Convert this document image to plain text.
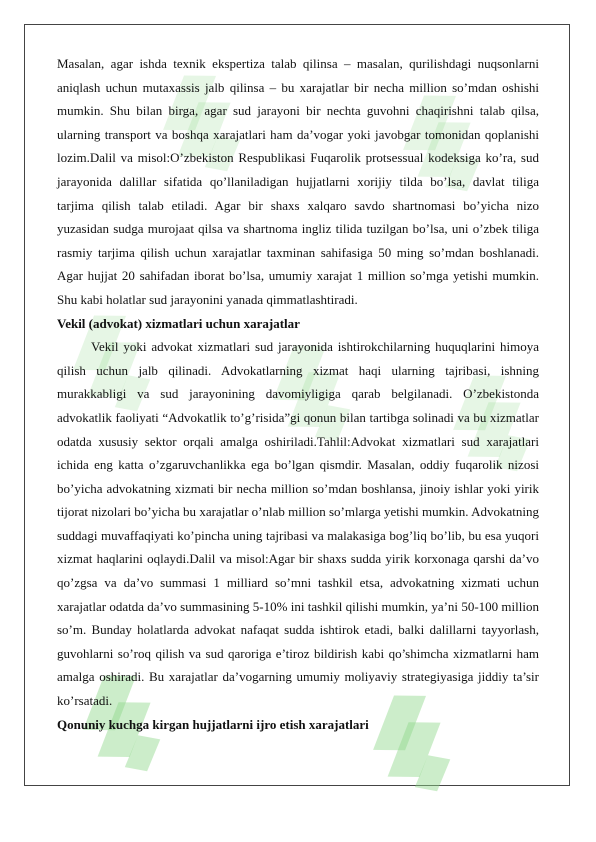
Masalan, agar ishda texnik ekspertiza talab qilinsa – masalan, qurilishdagi nuqsonlarni aniqlash uchun mutaxassis jalb qilinsa – bu xarajatlar bir necha million so’mdan oshishi mumkin. Shu bilan birga, agar sud jarayoni bir nechta guvohni chaqirishni talab qilsa, ularning transport va boshqa xarajatlari ham da’vogar yoki javobgar tomonidan qoplanishi lozim.Dalil va misol:O’zbekiston Respublikasi Fuqarolik protsessual kodeksiga ko’ra, sud jarayonida dalillar sifatida qo’llaniladigan hujjatlarni xorijiy tilda bo’lsa, davlat tiliga tarjima qilish talab etiladi. Agar bir shaxs xalqaro savdo shartnomasi bo’yicha nizo yuzasidan sudga murojaat qilsa va shartnoma ingliz tilida tuzilgan bo’lsa, uni o’zbek tiliga rasmiy tarjima qilish uchun xarajatlar taxminan sahifasiga 50 ming so’mdan boshlanadi. Agar hujjat 20 sahifadan iborat bo’lsa, umumiy xarajat 1 million so’mga yetishi mumkin. Shu kabi holatlar sud jarayonini yanada qimmatlashtiradi.

Vekil (advokat) xizmatlari uchun xarajatlar

Vekil yoki advokat xizmatlari sud jarayonida ishtirokchilarning huquqlarini himoya qilish uchun jalb qilinadi. Advokatlarning xizmat haqi ularning tajribasi, ishning murakkabligi va sud jarayonining davomiyligiga qarab belgilanadi. O’zbekistonda advokatlik faoliyati “Advokatlik to’g’risida”gi qonun bilan tartibga solinadi va bu xizmatlar odatda xususiy sektor orqali amalga oshiriladi.Tahlil:Advokat xizmatlari sud xarajatlari ichida eng katta o’zgaruvchanlikka ega bo’lgan qismdir. Masalan, oddiy fuqarolik nizosi bo’yicha advokatning xizmati bir necha million so’mdan boshlansa, jinoiy ishlar yoki yirik tijorat nizolari bo’yicha bu xarajatlar o’nlab million so’mlarga yetishi mumkin. Advokatning suddagi muvaffaqiyati ko’pincha uning tajribasi va malakasiga bog’liq bo’lib, bu esa yuqori xizmat haqlarini oqlaydi.Dalil va misol:Agar bir shaxs sudda yirik korxonaga qarshi da’vo qo’zgsa va da’vo summasi 1 milliard so’mni tashkil etsa, advokatning xizmati uchun xarajatlar odatda da’vo summasining 5-10% ini tashkil qilishi mumkin, ya’ni 50-100 million so’m. Bunday holatlarda advokat nafaqat sudda ishtirok etadi, balki dalillarni tayyorlash, guvohlarni so’roq qilish va sud qaroriga e’tiroz bildirish kabi qo’shimcha xizmatlarni ham amalga oshiradi. Bu xarajatlar da’vogarning umumiy moliyaviy strategiyasiga jiddiy ta’sir ko’rsatadi.

Qonuniy kuchga kirgan hujjatlarni ijro etish xarajatlari
